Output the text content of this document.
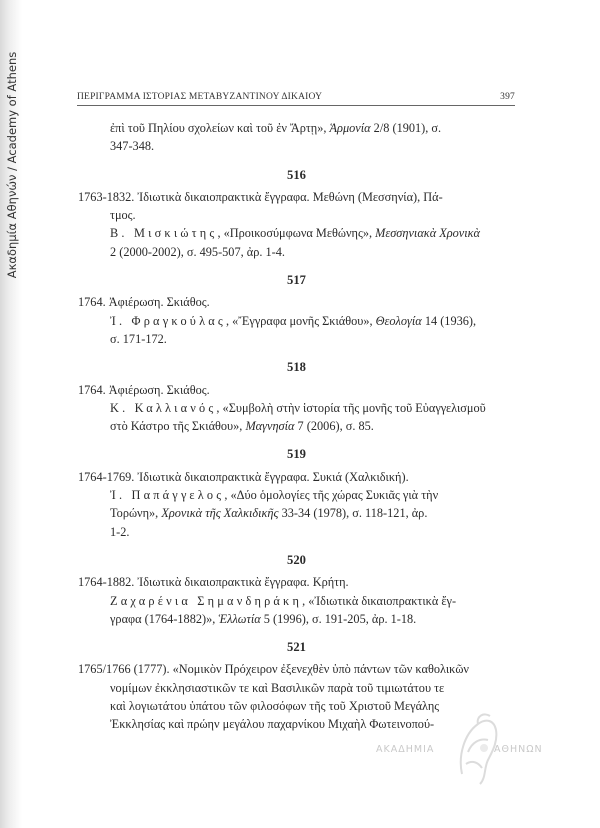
Ακαδημία Αθηνών / Academy of Athens	ΠΕΡΙΓΡΑΜΜΑ ΙΣΤΟΡΙΑΣ ΜΕΤΑΒΥΖΑΝΤΙΝΟΥ ΔΙΚΑΙΟΥ	397
ἐπὶ τοῦ Πηλίου σχολείων καὶ τοῦ ἐν Ἄρτῃ», Ἁρμονία 2/8 (1901), σ.
347-348.
516
1763-1832. Ἰδιωτικὰ δικαιοπρακτικὰ ἔγγραφα. Μεθώνη (Μεσσηνία), Πά-
τμος.
Β. Μισκιώτης, «Προικοσύμφωνα Μεθώνης», Μεσσηνιακὰ Χρονικὰ
2 (2000-2002), σ. 495-507, ἀρ. 1-4.
517
1764. Ἀφιέρωση. Σκιάθος.
Ἰ. Φραγκούλας, «Ἔγγραφα μονῆς Σκιάθου», Θεολογία 14 (1936),
σ. 171-172.
518
1764. Ἀφιέρωση. Σκιάθος.
Κ. Καλλιανός, «Συμβολὴ στὴν ἱστορία τῆς μονῆς τοῦ Εὐαγγελισμοῦ
στὸ Κάστρο τῆς Σκιάθου», Μαγνησία 7 (2006), σ. 85.
519
1764-1769. Ἰδιωτικὰ δικαιοπρακτικὰ ἔγγραφα. Συκιά (Χαλκιδική).
Ἰ. Παπάγγελος, «Δύο ὁμολογίες τῆς χώρας Συκιᾶς γιὰ τὴν
Τορώνη», Χρονικὰ τῆς Χαλκιδικῆς 33-34 (1978), σ. 118-121, ἀρ.
1-2.
520
1764-1882. Ἰδιωτικὰ δικαιοπρακτικὰ ἔγγραφα. Κρήτη.
Ζαχαρένια Σημανδηράκη, «Ἰδιωτικὰ δικαιοπρακτικὰ ἔγ-
γραφα (1764-1882)», Ἑλλωτία 5 (1996), σ. 191-205, ἀρ. 1-18.
521
1765/1766 (1777). «Νομικὸν Πρόχειρον ἐξενεχθὲν ὑπὸ πάντων τῶν καθολικῶν
νομίμων ἐκκλησιαστικῶν τε καὶ Βασιλικῶν παρὰ τοῦ τιμιωτάτου τε
καὶ λογιωτάτου ὑπάτου τῶν φιλοσόφων τῆς τοῦ Χριστοῦ Μεγάλης
Ἐκκλησίας καὶ πρώην μεγάλου παχαρνίκου Μιχαὴλ Φωτεινοπού-
ΑΚΑΔΗΜΙΑ	ΑΘΗΝΩΝ
